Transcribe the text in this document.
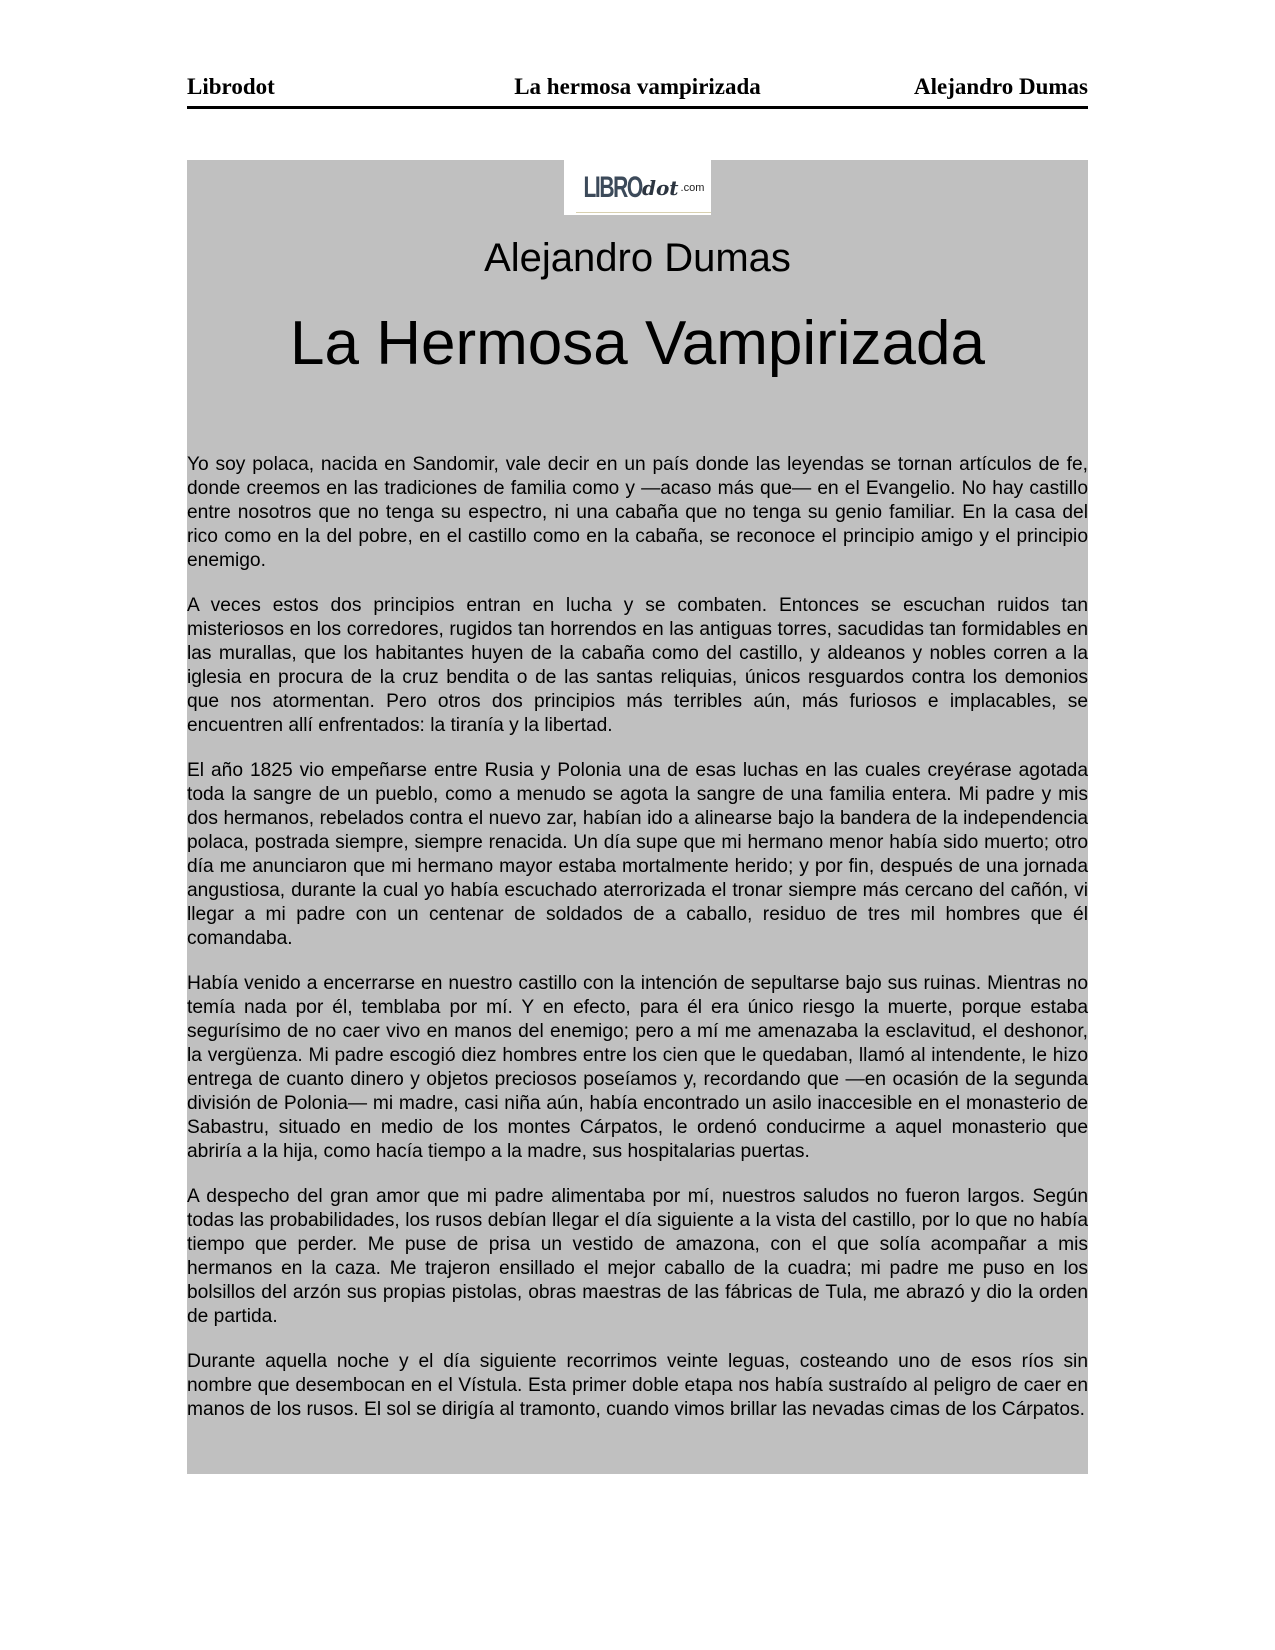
Librodot	La hermosa vampirizada	Alejandro Dumas
LIBRO dot .com
Alejandro Dumas
La Hermosa Vampirizada

Yo soy polaca, nacida en Sandomir, vale decir en un país donde las leyendas se tornan artículos de fe, donde creemos en las tradiciones de familia como y —acaso más que— en el Evangelio. No hay castillo entre nosotros que no tenga su espectro, ni una cabaña que no tenga su genio familiar. En la casa del rico como en la del pobre, en el castillo como en la cabaña, se reconoce el principio amigo y el principio enemigo.

A veces estos dos principios entran en lucha y se combaten. Entonces se escuchan ruidos tan misteriosos en los corredores, rugidos tan horrendos en las antiguas torres, sacudidas tan formidables en las murallas, que los habitantes huyen de la cabaña como del castillo, y aldeanos y nobles corren a la iglesia en procura de la cruz bendita o de las santas reliquias, únicos resguardos contra los demonios que nos atormentan. Pero otros dos principios más terribles aún, más furiosos e implacables, se encuentren allí enfrentados: la tiranía y la libertad.

El año 1825 vio empeñarse entre Rusia y Polonia una de esas luchas en las cuales creyérase agotada toda la sangre de un pueblo, como a menudo se agota la sangre de una familia entera. Mi padre y mis dos hermanos, rebelados contra el nuevo zar, habían ido a alinearse bajo la bandera de la independencia polaca, postrada siempre, siempre renacida. Un día supe que mi hermano menor había sido muerto; otro día me anunciaron que mi hermano mayor estaba mortalmente herido; y por fin, después de una jornada angustiosa, durante la cual yo había escuchado aterrorizada el tronar siempre más cercano del cañón, vi llegar a mi padre con un centenar de soldados de a caballo, residuo de tres mil hombres que él comandaba.

Había venido a encerrarse en nuestro castillo con la intención de sepultarse bajo sus ruinas. Mientras no temía nada por él, temblaba por mí. Y en efecto, para él era único riesgo la muerte, porque estaba segurísimo de no caer vivo en manos del enemigo; pero a mí me amenazaba la esclavitud, el deshonor, la vergüenza. Mi padre escogió diez hombres entre los cien que le quedaban, llamó al intendente, le hizo entrega de cuanto dinero y objetos preciosos poseíamos y, recordando que —en ocasión de la segunda división de Polonia— mi madre, casi niña aún, había encontrado un asilo inaccesible en el monasterio de Sabastru, situado en medio de los montes Cárpatos, le ordenó conducirme a aquel monasterio que abriría a la hija, como hacía tiempo a la madre, sus hospitalarias puertas.

A despecho del gran amor que mi padre alimentaba por mí, nuestros saludos no fueron largos. Según todas las probabilidades, los rusos debían llegar el día siguiente a la vista del castillo, por lo que no había tiempo que perder. Me puse de prisa un vestido de amazona, con el que solía acompañar a mis hermanos en la caza. Me trajeron ensillado el mejor caballo de la cuadra; mi padre me puso en los bolsillos del arzón sus propias pistolas, obras maestras de las fábricas de Tula, me abrazó y dio la orden de partida.

Durante aquella noche y el día siguiente recorrimos veinte leguas, costeando uno de esos ríos sin nombre que desembocan en el Vístula. Esta primer doble etapa nos había sustraído al peligro de caer en manos de los rusos. El sol se dirigía al tramonto, cuando vimos brillar las nevadas cimas de los Cárpatos.
